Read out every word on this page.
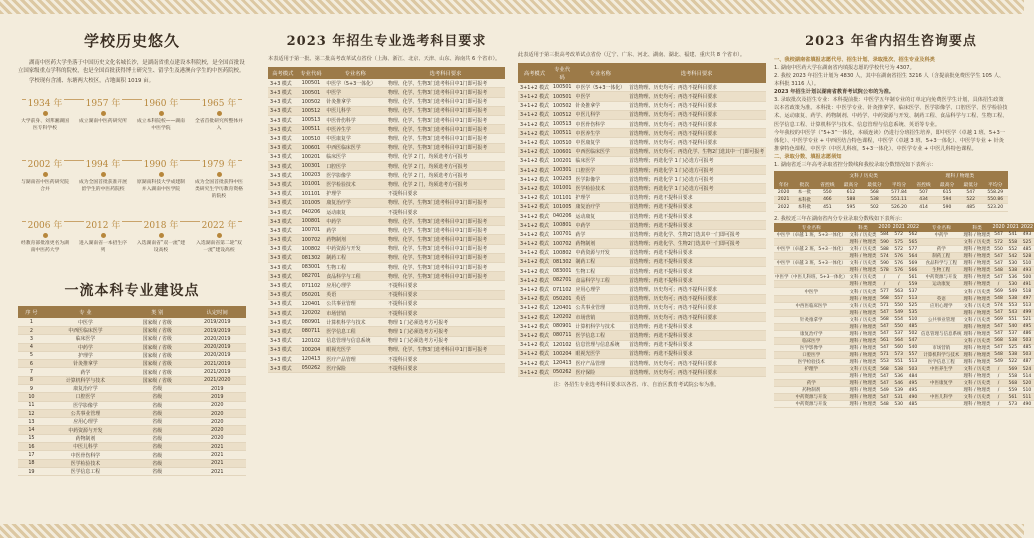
学校历史悠久

湖南中医药大学坐落于中国历史文化名城长沙，是湖南省重点建设本科院校，是全国首批设立国家级重点学科的院校，也是全国首批获得博士研究生、留学生及港澳台学生的中医药院校。

学校现有含浦、东塘两大校区，占地面积 1019 亩。

1934 年
大学前身、刘邦湘湖国医专科学校
1957 年
成立湖南中医药研究所
1960 年
成立本科院校——湖南中医学院
1965 年
全省首批研究所整体并入
2002 年
与湖南省中医药研究院合并
1994 年
成为全国首批获准开展留学生的中医药院校
1990 年
原湖南科技大学成建制并入湖南中医学院
1979 年
成为全国首批获得中医类研究生学历教育资格的院校
2006 年
经教育部批准更名为湖南中医药大学
2012 年
进入湖南省一本招生序列
2018 年
入选湖南省“双一流”建设高校
2022 年
入选湖南省第二轮“双一流”建设高校
一流本科专业建设点
序 号	专 业	类 别	认定时间
1	中医学	国家级 / 省级	2019/2019
2	中西医临床医学	国家级 / 省级	2019/2019
3	临床医学	国家级 / 省级	2020/2019
4	中药学	国家级 / 省级	2020/2019
5	护理学	国家级 / 省级	2020/2019
6	针灸推拿学	国家级 / 省级	2021/2019
7	药学	国家级 / 省级	2021/2019
8	计算机科学与技术	国家级 / 省级	2021/2020
9	康复治疗学	省级	2019
10	口腔医学	省级	2019
11	医学影像学	省级	2020
12	公共事业管理	省级	2020
13	应用心理学	省级	2020
14	中药资源与开发	省级	2020
15	药物制剂	省级	2020
16	中医儿科学	省级	2021
17	中医骨伤科学	省级	2021
18	医学检验技术	省级	2021
19	医学信息工程	省级	2021
2023 年招生专业选考科目要求
本表适用于第一批、第二批高考改革试点省份（上海、浙江、北京、天津、山东、海南共 6 个省市）。
高考模式	专业代码	专业名称	选考科目要求
3+3 模式	100501	中医学（5+3一体化）	物理、化学、生物3门选考科目中1门即可报考
3+3 模式	100501	中医学	物理、化学、生物3门选考科目中1门即可报考
3+3 模式	100502	针灸推拿学	物理、化学、生物3门选考科目中1门即可报考
3+3 模式	100512	中医儿科学	物理、化学、生物3门选考科目中1门即可报考
3+3 模式	100513	中医骨伤科学	物理、化学、生物3门选考科目中1门即可报考
3+3 模式	100511	中医养生学	物理、化学、生物3门选考科目中1门即可报考
3+3 模式	100510	中医康复学	物理、化学、生物3门选考科目中1门即可报考
3+3 模式	100601	中西医临床医学	物理、化学、生物3门选考科目中1门即可报考
3+3 模式	100201	临床医学	物理、化学 2 门，均须选考方可报考
3+3 模式	100301	口腔医学	物理、化学 2 门，均须选考方可报考
3+3 模式	100203	医学影像学	物理、化学 2 门，均须选考方可报考
3+3 模式	101001	医学检验技术	物理、化学 2 门，均须选考方可报考
3+3 模式	101101	护理学	不提科目要求
3+3 模式	101005	康复治疗学	物理、化学、生物3门选考科目中1门即可报考
3+3 模式	040206	运动康复	不提科目要求
3+3 模式	100801	中药学	物理、化学、生物3门选考科目中1门即可报考
3+3 模式	100701	药学	物理、化学、生物3门选考科目中1门即可报考
3+3 模式	100702	药物制剂	物理、化学、生物3门选考科目中1门即可报考
3+3 模式	100802	中药资源与开发	物理、化学、生物3门选考科目中1门即可报考
3+3 模式	081302	制药工程	物理、化学、生物3门选考科目中1门即可报考
3+3 模式	083001	生物工程	物理、化学、生物3门选考科目中1门即可报考
3+3 模式	082701	食品科学与工程	物理、化学、生物3门选考科目中1门即可报考
3+3 模式	071102	应用心理学	不提科目要求
3+3 模式	050201	英语	不提科目要求
3+3 模式	120401	公共事业管理	不提科目要求
3+3 模式	120202	市场营销	不提科目要求
3+3 模式	080901	计算机科学与技术	物理 1 门必须选考方可报考
3+3 模式	080711	医学信息工程	物理 1 门必须选考方可报考
3+3 模式	120102	信息管理与信息系统	物理 1 门必须选考方可报考
3+3 模式	100204	眼视光医学	物理、化学、生物3门选考科目中1门即可报考
3+3 模式	120413	医疗产品管理	不提科目要求
3+3 模式	050262	医疗保险	不提科目要求
此表适用于第三批高考改革试点省份（辽宁、广东、河北、湖南、湖北、福建、重庆共 8 个省市）。
高考模式	专业代码	专业名称	选考科目要求
3+1+2 模式	100501	中医学（5+3一体化）	首选物理、历史均可；再选不提科目要求
3+1+2 模式	100501	中医学	首选物理、历史均可；再选不提科目要求
3+1+2 模式	100502	针灸推拿学	首选物理、历史均可；再选不提科目要求
3+1+2 模式	100512	中医儿科学	首选物理、历史均可；再选不提科目要求
3+1+2 模式	100513	中医骨伤科学	首选物理、历史均可；再选不提科目要求
3+1+2 模式	100511	中医养生学	首选物理、历史均可；再选不提科目要求
3+1+2 模式	100510	中医康复学	首选物理、历史均可；再选不提科目要求
3+1+2 模式	100601	中西医临床医学	首选物理、历史均可；再选化学、生物2门选其中一门即可报考
3+1+2 模式	100201	临床医学	首选物理；再选化学 1 门必选方可报考
3+1+2 模式	100301	口腔医学	首选物理；再选化学 1 门必选方可报考
3+1+2 模式	100203	医学影像学	首选物理；再选化学 1 门必选方可报考
3+1+2 模式	101001	医学检验技术	首选物理；再选化学 1 门必选方可报考
3+1+2 模式	101101	护理学	首选物理；再选不提科目要求
3+1+2 模式	101005	康复治疗学	首选物理；再选不提科目要求
3+1+2 模式	040206	运动康复	首选物理；再选不提科目要求
3+1+2 模式	100801	中药学	首选物理；再选不提科目要求
3+1+2 模式	100701	药学	首选物理；再选化学、生物2门选其中一门即可报考
3+1+2 模式	100702	药物制剂	首选物理；再选化学、生物2门选其中一门即可报考
3+1+2 模式	100802	中药资源与开发	首选物理；再选不提科目要求
3+1+2 模式	081302	制药工程	首选物理；再选不提科目要求
3+1+2 模式	083001	生物工程	首选物理；再选不提科目要求
3+1+2 模式	082701	食品科学与工程	首选物理；再选不提科目要求
3+1+2 模式	071102	应用心理学	首选物理、历史均可；再选不提科目要求
3+1+2 模式	050201	英语	首选物理、历史均可；再选不提科目要求
3+1+2 模式	120401	公共事业管理	首选物理、历史均可；再选不提科目要求
3+1+2 模式	120202	市场营销	首选物理、历史均可；再选不提科目要求
3+1+2 模式	080901	计算机科学与技术	首选物理；再选不提科目要求
3+1+2 模式	080711	医学信息工程	首选物理；再选不提科目要求
3+1+2 模式	120102	信息管理与信息系统	首选物理；再选不提科目要求
3+1+2 模式	100204	眼视光医学	首选物理；再选不提科目要求
3+1+2 模式	120413	医疗产品管理	首选物理、历史均可；再选不提科目要求
3+1+2 模式	050262	医疗保险	首选物理、历史均可；再选不提科目要求
注：各招生专业选考科目要求以各省、市、自治区教育考试院公布为准。
2023 年省内招生咨询要点

一、我校湖南省填报志愿代号、招生计划、录取批次、招生专业及科类

1. 湖南中医药大学在湖南省内填报志愿的学校代号为 4307。

2. 我校 2023 年招生计划为 4830 人，其中在湖南省招生 3216 人（含提前批免费医学生 105 人、本科批 3116 人）。

2023 年招生计划以湖南省教育考试院公布的为准。

3. 录取批次及招生专业：本科提前批：中医学五年制专业的订单定向免费医学生计划，具体招生政策以本省政策为准。本科批：中医学专业、针灸推拿学、临床医学、医学影像学、口腔医学、医学检验技术、运动康复、药学、药物制剂、中药学、中药资源与开发、制药工程、食品科学与工程、生物工程、医学信息工程、计算机科学与技术、信息管理与信息系统、英语等专业。

今年我校的中医学（“5+3”一体化，本硕连读）仍进行分班招生培养，即中医学（卓越 1 班、5+3一体化）、中医学专业 + 中西医结合特色课程，中医学（卓越 3 班、5+3一体化）、中医学专业 + 针灸推拿特色课程，中医学（中医儿科班，5+3一体化）、中医学专业 + 中医儿科特色课程。

二、录取分数、填报志愿须知

1. 湖南省近三年高考录取省控分数线和我校录取分数情况如下表所示：

		文科 / 历史类				理科 / 物理类			
年份	批次	省控线	最高分	最低分	平均分	省控线	最高分	最低分	平均分
2020	本一批	550	612	568	577.84	507	615	547	558.29
2021	本科批	466	588	538	551.11	434	594	522	550.86
2022	本科批	451	595	502	526.20	414	590	485	523.20

2. 我校近三年在湖南省内分专业录取分数线如下表所示：

专业名称	科类	2020	2021	2022	专业名称	科类	2020	2021	2022
中医学（卓越 1 班，5+3一体化）	文科 / 历史类	584	572	562	中药学	理科 / 物理类	547	541	493
	理科 / 物理类	590	575	565		文科 / 历史类	572	558	525
中医学（卓越 2 班，5+3一体化）	文科 / 历史类	588	572	577	药学	理科 / 物理类	550	552	485
	理科 / 物理类	574	576	564	制药工程	理科 / 物理类	547	542	528
中医学（卓越 3 班，5+3一体化）	文科 / 历史类	590	576	569	食品科学与工程	理科 / 物理类	547	530	510
	理科 / 物理类	578	576	566	生物工程	理科 / 物理类	548	538	493
中医学（中医儿科班，5+3一体化）	文科 / 历史类	/	/	561	中药资源与开发	理科 / 物理类	547	536	500
	理科 / 物理类	/	/	559	运动康复	理科 / 物理类	/	530	491
中医学	文科 / 历史类	577	563	537		文科 / 历史类	569	549	518
	理科 / 物理类	568	557	513	英语	理科 / 物理类	548	538	497
中西医临床医学	文科 / 历史类	571	550	525	应用心理学	文科 / 历史类	574	553	513
	理科 / 物理类	547	549	535		理科 / 物理类	547	543	499
针灸推拿学	文科 / 历史类	568	554	510	公共事业管理	文科 / 历史类	569	551	521
	理科 / 物理类	547	550	485		理科 / 物理类	547	540	495
康复治疗学	理科 / 物理类	547	537	502	信息管理与信息系统	理科 / 物理类	547	537	486
临床医学	理科 / 物理类	561	564	547		文科 / 历史类	568	538	503
医学影像学	理科 / 物理类	547	560	540	市场营销	理科 / 物理类	547	525	485
口腔医学	理科 / 物理类	571	573	557	计算机科学与技术	理科 / 物理类	548	538	503
医学检验技术	理科 / 物理类	553	551	513	医学信息工程	理科 / 物理类	549	522	487
护理学	文科 / 历史类	568	538	503	中医养生学	文科 / 历史类	/	569	524
	理科 / 物理类	547	536	484		理科 / 物理类	/	558	514
药学	理科 / 物理类	547	546	495	中医康复学	文科 / 历史类	/	568	520
药物制剂	理科 / 物理类	549	539	495		理科 / 物理类	/	559	510
中药资源与开发	理科 / 物理类	547	531	490	中医儿科学	文科 / 历史类	/	561	511
中药资源与开发	理科 / 物理类	548	530	485		理科 / 物理类	/	573	490
